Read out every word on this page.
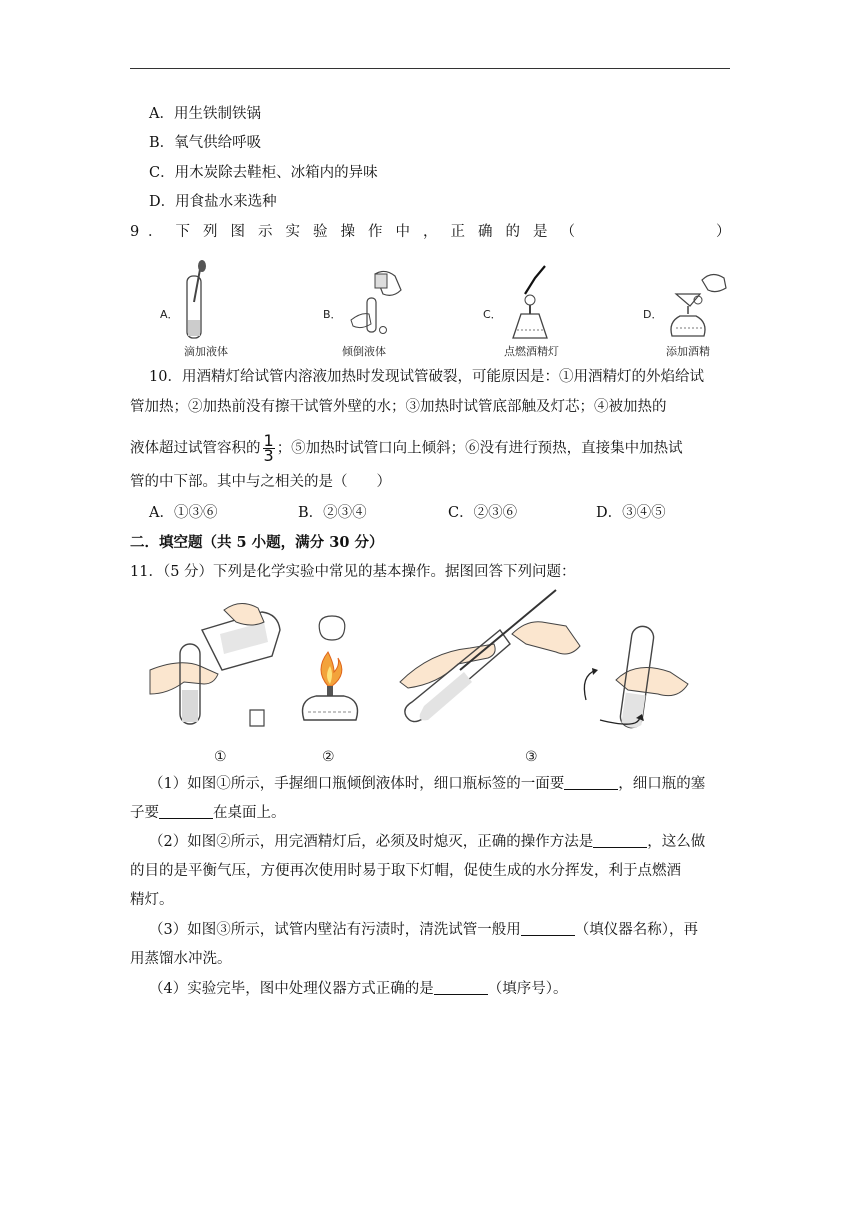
A．用生铁制铁锅
B．氧气供给呼吸
C．用木炭除去鞋柜、冰箱内的异味
D．用食盐水来选种
9 ．下列图示实验操作中，正确的是（	）
A．
滴加液体
B．
倾倒液体
C．
点燃酒精灯
D．
添加酒精
10．用酒精灯给试管内溶液加热时发现试管破裂，可能原因是：①用酒精灯的外焰给试
管加热；②加热前没有擦干试管外壁的水；③加热时试管底部触及灯芯；④被加热的
液体超过试管容积的 $\frac{1}{3}$ ；⑤加热时试管口向上倾斜；⑥没有进行预热，直接集中加热试
管的中下部。其中与之相关的是（　　）
A．①③⑥	B．②③④	C．②③⑥	D．③④⑤
二．填空题（共 5 小题，满分 30 分）
11．（5 分）下列是化学实验中常见的基本操作。据图回答下列问题：
①	②	③
（1）如图①所示，手握细口瓶倾倒液体时，细口瓶标签的一面要	，细口瓶的塞
子要	在桌面上。
（2）如图②所示，用完酒精灯后，必须及时熄灭，正确的操作方法是	，这么做
的目的是平衡气压，方便再次使用时易于取下灯帽，促使生成的水分挥发，利于点燃酒
精灯。
（3）如图③所示，试管内壁沾有污渍时，清洗试管一般用	（填仪器名称），再
用蒸馏水冲洗。
（4）实验完毕，图中处理仪器方式正确的是	（填序号）。
